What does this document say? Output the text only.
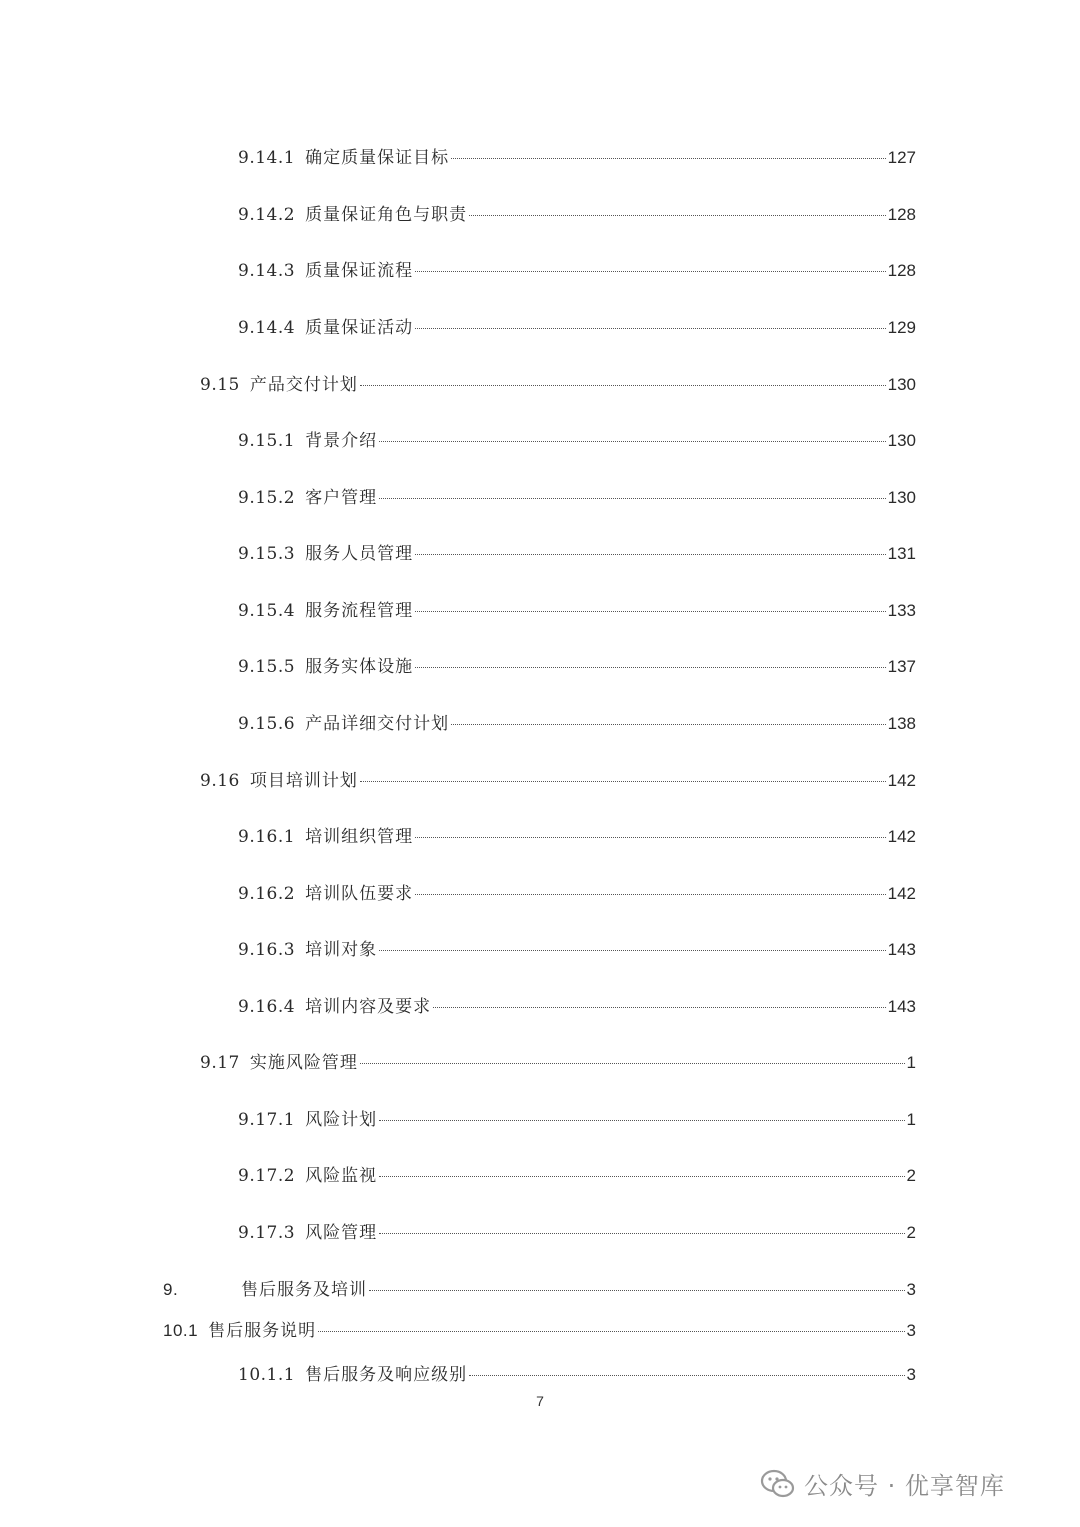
9.14.1 确定质量保证目标	127
9.14.2 质量保证角色与职责	128
9.14.3 质量保证流程	128
9.14.4 质量保证活动	129
9.15 产品交付计划	130
9.15.1 背景介绍	130
9.15.2 客户管理	130
9.15.3 服务人员管理	131
9.15.4 服务流程管理	133
9.15.5 服务实体设施	137
9.15.6 产品详细交付计划	138
9.16 项目培训计划	142
9.16.1 培训组织管理	142
9.16.2 培训队伍要求	142
9.16.3 培训对象	143
9.16.4 培训内容及要求	143
9.17 实施风险管理	1
9.17.1 风险计划	1
9.17.2 风险监视	2
9.17.3 风险管理	2
9.	售后服务及培训	3
10.1 售后服务说明	3
10.1.1 售后服务及响应级别	3
7
公众号 · 优享智库
